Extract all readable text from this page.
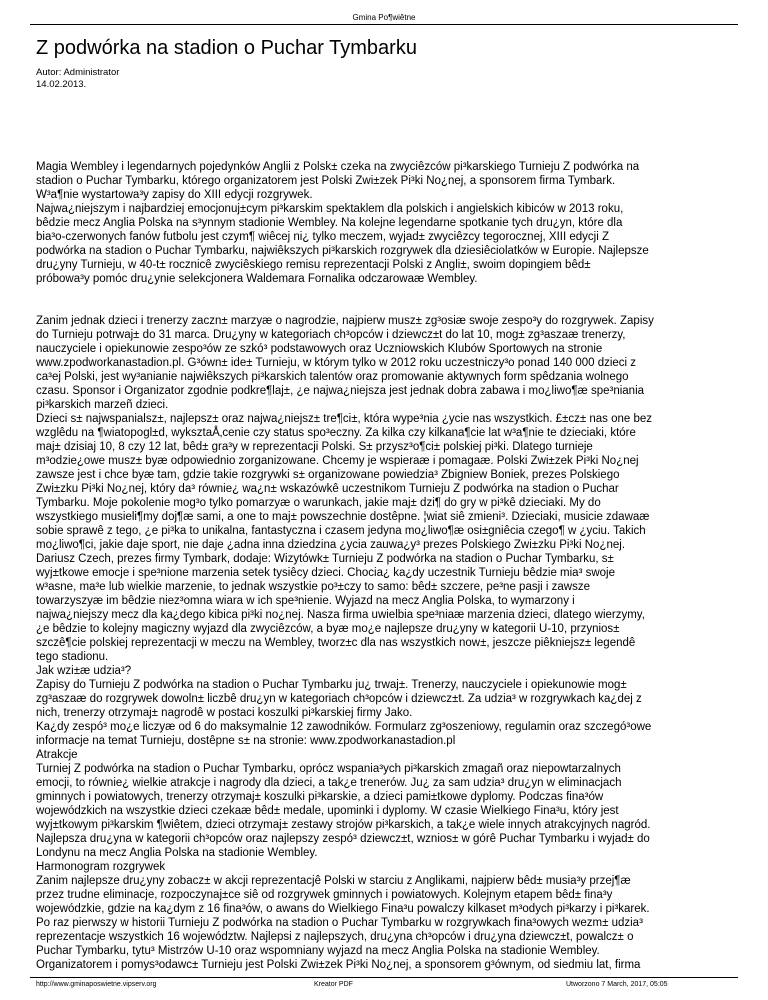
Gmina Po¶wiêtne
Z podwórka na stadion o Puchar Tymbarku
Autor: Administrator
14.02.2013.

Magia Wembley i legendarnych pojedynków Anglii z Polsk± czeka na zwyciêzców pi³karskiego Turnieju Z podwórka na
stadion o Puchar Tymbarku, którego organizatorem jest Polski Zwi±zek Pi³ki No¿nej, a sponsorem firma Tymbark.
W³a¶nie wystartowa³y zapisy do XIII edycji rozgrywek.
Najwa¿niejszym i najbardziej emocjonuj±cym pi³karskim spektaklem dla polskich i angielskich kibiców w 2013 roku,
bêdzie mecz Anglia Polska na s³ynnym stadionie Wembley. Na kolejne legendarne spotkanie tych dru¿yn, które dla
bia³o-czerwonych fanów futbolu jest czym¶ wiêcej ni¿ tylko meczem, wyjad± zwyciêzcy tegorocznej, XIII edycji Z
podwórka na stadion o Puchar Tymbarku, najwiêkszych pi³karskich rozgrywek dla dziesiêciolatków w Europie. Najlepsze
dru¿yny Turnieju, w 40-t± rocznicê zwyciêskiego remisu reprezentacji Polski z Angli±, swoim dopingiem bêd±
próbowa³y pomóc dru¿ynie selekcjonera Waldemara Fornalika odczarowaæ Wembley.

Zanim jednak dzieci i trenerzy zaczn± marzyæ o nagrodzie, najpierw musz± zg³osiæ swoje zespo³y do rozgrywek. Zapisy
do Turnieju potrwaj± do 31 marca. Dru¿yny w kategoriach ch³opców i dziewcz±t do lat 10, mog± zg³aszaæ trenerzy,
nauczyciele i opiekunowie zespo³ów ze szkó³ podstawowych oraz Uczniowskich Klubów Sportowych na stronie
www.zpodworkanastadion.pl. G³ówn± ide± Turnieju, w którym tylko w 2012 roku uczestniczy³o ponad 140 000 dzieci z
ca³ej Polski, jest wy³anianie najwiêkszych pi³karskich talentów oraz promowanie aktywnych form spêdzania wolnego
czasu. Sponsor i Organizator zgodnie podkre¶laj±, ¿e najwa¿niejsza jest jednak dobra zabawa i mo¿liwo¶æ spe³niania
pi³karskich marzeñ dzieci.
Dzieci s± najwspanialsz±, najlepsz± oraz najwa¿niejsz± tre¶ci±, która wype³nia ¿ycie nas wszystkich. £±cz± nas one bez
wzglêdu na ¶wiatopogl±d, wyksztaÅ‚cenie czy status spo³eczny. Za kilka czy kilkana¶cie lat w³a¶nie te dzieciaki, które
maj± dzisiaj 10, 8 czy 12 lat, bêd± gra³y w reprezentacji Polski. S± przysz³o¶ci± polskiej pi³ki. Dlatego turnieje
m³odzie¿owe musz± byæ odpowiednio zorganizowane. Chcemy je wspieraæ i pomagaæ. Polski Zwi±zek Pi³ki No¿nej
zawsze jest i chce byæ tam, gdzie takie rozgrywki s± organizowane powiedzia³ Zbigniew Boniek, prezes Polskiego
Zwi±zku Pi³ki No¿nej, który da³ równie¿ wa¿n± wskazówkê uczestnikom Turnieju Z podwórka na stadion o Puchar
Tymbarku. Moje pokolenie mog³o tylko pomarzyæ o warunkach, jakie maj± dzi¶ do gry w pi³kê dzieciaki. My do
wszystkiego musieli¶my doj¶æ sami, a one to maj± powszechnie dostêpne. ¦wiat siê zmieni³. Dzieciaki, musicie zdawaæ
sobie sprawê z tego, ¿e pi³ka to unikalna, fantastyczna i czasem jedyna mo¿liwo¶æ osi±gniêcia czego¶ w ¿yciu. Takich
mo¿liwo¶ci, jakie daje sport, nie daje ¿adna inna dziedzina ¿ycia zauwa¿y³ prezes Polskiego Zwi±zku Pi³ki No¿nej.
Dariusz Czech, prezes firmy Tymbark, dodaje: Wizytówk± Turnieju Z podwórka na stadion o Puchar Tymbarku, s±
wyj±tkowe emocje i spe³nione marzenia setek tysiêcy dzieci. Chocia¿ ka¿dy uczestnik Turnieju bêdzie mia³ swoje
w³asne, ma³e lub wielkie marzenie, to jednak wszystkie po³±czy to samo: bêd± szczere, pe³ne pasji i zawsze
towarzyszyæ im bêdzie niez³omna wiara w ich spe³nienie. Wyjazd na mecz Anglia Polska, to wymarzony i
najwa¿niejszy mecz dla ka¿dego kibica pi³ki no¿nej. Nasza firma uwielbia spe³niaæ marzenia dzieci, dlatego wierzymy,
¿e bêdzie to kolejny magiczny wyjazd dla zwyciêzców, a byæ mo¿e najlepsze dru¿yny w kategorii U-10, przynios±
szczê¶cie polskiej reprezentacji w meczu na Wembley, tworz±c dla nas wszystkich now±, jeszcze piêkniejsz± legendê
tego stadionu.
Jak wzi±æ udzia³?
Zapisy do Turnieju Z podwórka na stadion o Puchar Tymbarku ju¿ trwaj±. Trenerzy, nauczyciele i opiekunowie mog±
zg³aszaæ do rozgrywek dowoln± liczbê dru¿yn w kategoriach ch³opców i dziewcz±t. Za udzia³ w rozgrywkach ka¿dej z
nich, trenerzy otrzymaj± nagrodê w postaci koszulki pi³karskiej firmy Jako.
Ka¿dy zespó³ mo¿e liczyæ od 6 do maksymalnie 12 zawodników. Formularz zg³oszeniowy, regulamin oraz szczegó³owe
informacje na temat Turnieju, dostêpne s± na stronie: www.zpodworkanastadion.pl
Atrakcje
Turniej Z podwórka na stadion o Puchar Tymbarku, oprócz wspania³ych pi³karskich zmagañ oraz niepowtarzalnych
emocji, to równie¿ wielkie atrakcje i nagrody dla dzieci, a tak¿e trenerów. Ju¿ za sam udzia³ dru¿yn w eliminacjach
gminnych i powiatowych, trenerzy otrzymaj± koszulki pi³karskie, a dzieci pami±tkowe dyplomy. Podczas fina³ów
wojewódzkich na wszystkie dzieci czekaæ bêd± medale, upominki i dyplomy. W czasie Wielkiego Fina³u, który jest
wyj±tkowym pi³karskim ¶wiêtem, dzieci otrzymaj± zestawy strojów pi³karskich, a tak¿e wiele innych atrakcyjnych nagród.
Najlepsza dru¿yna w kategorii ch³opców oraz najlepszy zespó³ dziewcz±t, wznios± w górê Puchar Tymbarku i wyjad± do
Londynu na mecz Anglia Polska na stadionie Wembley.
Harmonogram rozgrywek
Zanim najlepsze dru¿yny zobacz± w akcji reprezentacjê Polski w starciu z Anglikami, najpierw bêd± musia³y przej¶æ
przez trudne eliminacje, rozpoczynaj±ce siê od rozgrywek gminnych i powiatowych. Kolejnym etapem bêd± fina³y
wojewódzkie, gdzie na ka¿dym z 16 fina³ów, o awans do Wielkiego Fina³u powalczy kilkaset m³odych pi³karzy i pi³karek.
Po raz pierwszy w historii Turnieju Z podwórka na stadion o Puchar Tymbarku w rozgrywkach fina³owych wezm± udzia³
reprezentacje wszystkich 16 województw. Najlepsi z najlepszych, dru¿yna ch³opców i dru¿yna dziewcz±t, powalcz± o
Puchar Tymbarku, tytu³ Mistrzów U-10 oraz wspomniany wyjazd na mecz Anglia Polska na stadionie Wembley.
Organizatorem i pomys³odawc± Turnieju jest Polski Zwi±zek Pi³ki No¿nej, a sponsorem g³ównym, od siedmiu lat, firma

http://www.gminaposwietne.vipserv.org	Kreator PDF	Utworzono 7 March, 2017, 05:05
